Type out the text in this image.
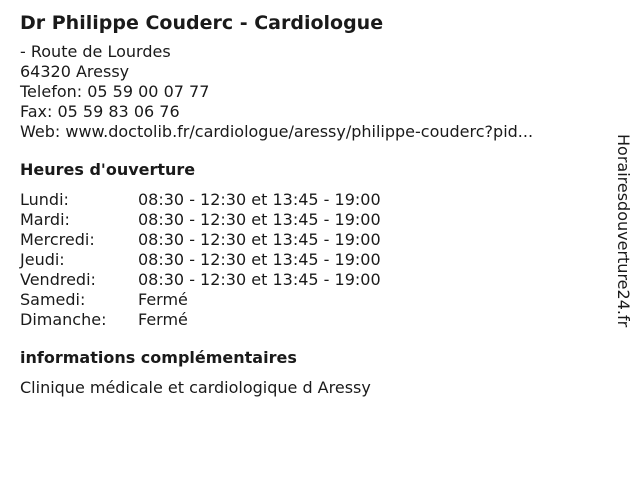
Dr Philippe Couderc - Cardiologue
- Route de Lourdes
64320 Aressy
Telefon: 05 59 00 07 77
Fax: 05 59 83 06 76
Web: www.doctolib.fr/cardiologue/aressy/philippe-couderc?pid...
Heures d'ouverture
Lundi:	08:30 - 12:30 et 13:45 - 19:00
Mardi:	08:30 - 12:30 et 13:45 - 19:00
Mercredi:	08:30 - 12:30 et 13:45 - 19:00
Jeudi:	08:30 - 12:30 et 13:45 - 19:00
Vendredi:	08:30 - 12:30 et 13:45 - 19:00
Samedi:	Fermé
Dimanche:	Fermé
informations complémentaires
Clinique médicale et cardiologique d Aressy
Horairesdouverture24.fr
